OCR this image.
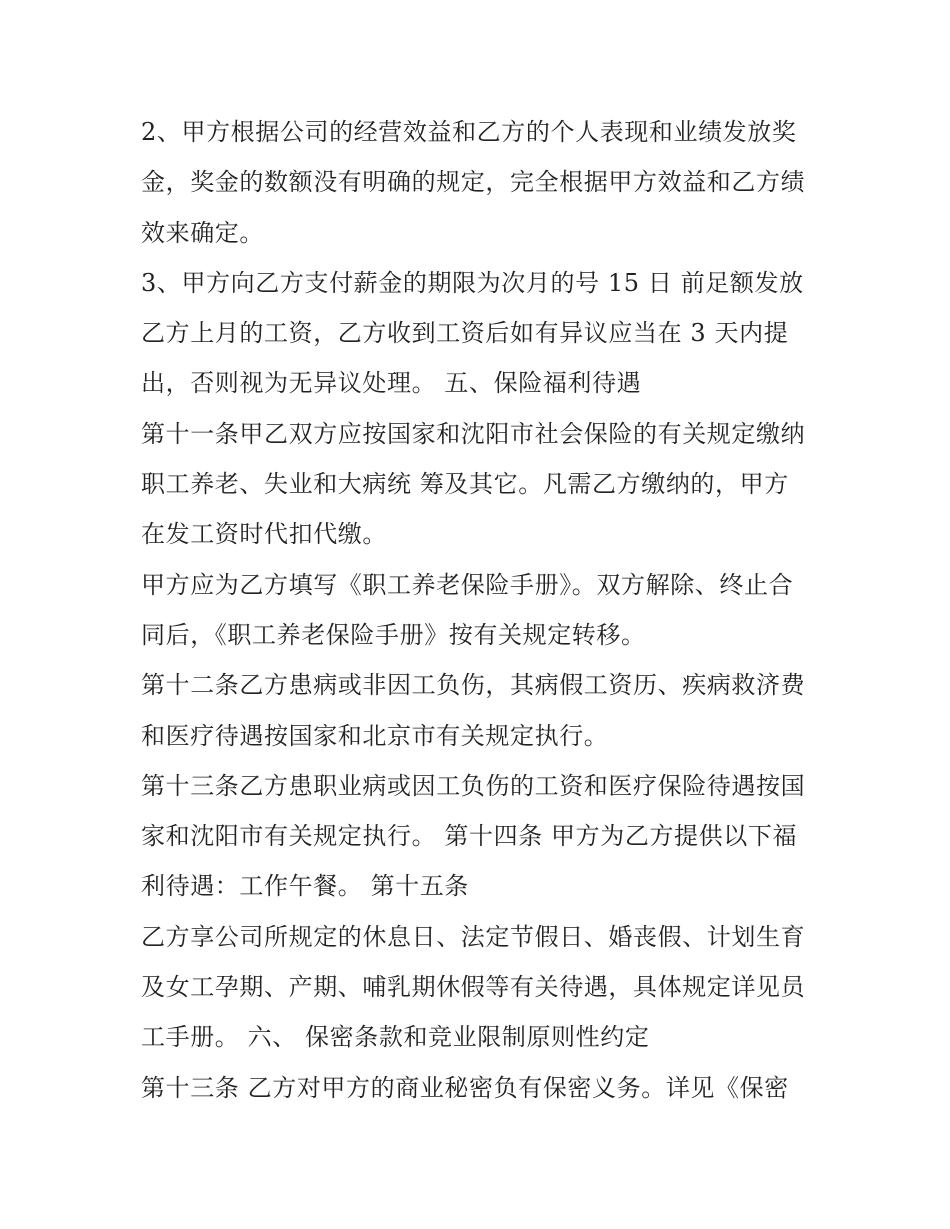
2、甲方根据公司的经营效益和乙方的个人表现和业绩发放奖
金，奖金的数额没有明确的规定，完全根据甲方效益和乙方绩
效来确定。
3、甲方向乙方支付薪金的期限为次月的号 15 日 前足额发放
乙方上月的工资，乙方收到工资后如有异议应当在 3 天内提
出，否则视为无异议处理。 五、保险福利待遇
第十一条甲乙双方应按国家和沈阳市社会保险的有关规定缴纳
职工养老、失业和大病统 筹及其它。凡需乙方缴纳的，甲方
在发工资时代扣代缴。
甲方应为乙方填写《职工养老保险手册》。双方解除、终止合
同后，《职工养老保险手册》按有关规定转移。
第十二条乙方患病或非因工负伤，其病假工资历、疾病救济费
和医疗待遇按国家和北京市有关规定执行。
第十三条乙方患职业病或因工负伤的工资和医疗保险待遇按国
家和沈阳市有关规定执行。 第十四条 甲方为乙方提供以下福
利待遇：工作午餐。 第十五条
乙方享公司所规定的休息日、法定节假日、婚丧假、计划生育
及女工孕期、产期、哺乳期休假等有关待遇，具体规定详见员
工手册。 六、 保密条款和竞业限制原则性约定
第十三条 乙方对甲方的商业秘密负有保密义务。详见《保密
